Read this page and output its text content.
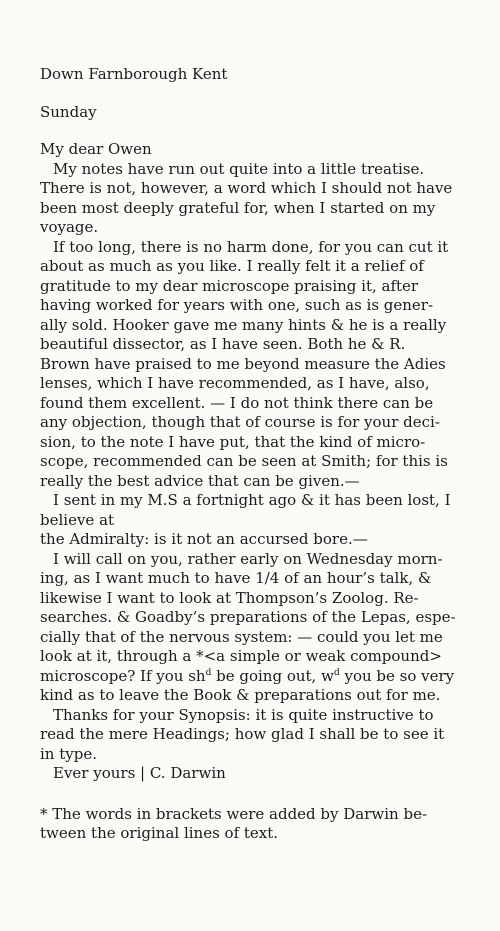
Down Farnborough Kent
Sunday
My dear Owen
My notes have run out quite into a little treatise.
There is not, however, a word which I should not have
been most deeply grateful for, when I started on my
voyage.
If too long, there is no harm done, for you can cut it
about as much as you like. I really felt it a relief of
gratitude to my dear microscope praising it, after
having worked for years with one, such as is gener-
ally sold. Hooker gave me many hints & he is a really
beautiful dissector, as I have seen. Both he & R.
Brown have praised to me beyond measure the Adies
lenses, which I have recommended, as I have, also,
found them excellent. — I do not think there can be
any objection, though that of course is for your deci-
sion, to the note I have put, that the kind of micro-
scope, recommended can be seen at Smith; for this is
really the best advice that can be given.—
I sent in my M.S a fortnight ago & it has been lost, I
believe at
the Admiralty: is it not an accursed bore.—
I will call on you, rather early on Wednesday morn-
ing, as I want much to have 1/4 of an hour’s talk, &
likewise I want to look at Thompson’s Zoolog. Re-
searches. & Goadby’s preparations of the Lepas, espe-
cially that of the nervous system: — could you let me
look at it, through a *<a simple or weak compound>
microscope? If you $sh^d$ be going out, $w^d$ you be so very
kind as to leave the Book & preparations out for me.
Thanks for your Synopsis: it is quite instructive to
read the mere Headings; how glad I shall be to see it
in type.
Ever yours | C. Darwin
* The words in brackets were added by Darwin be-
tween the original lines of text.
